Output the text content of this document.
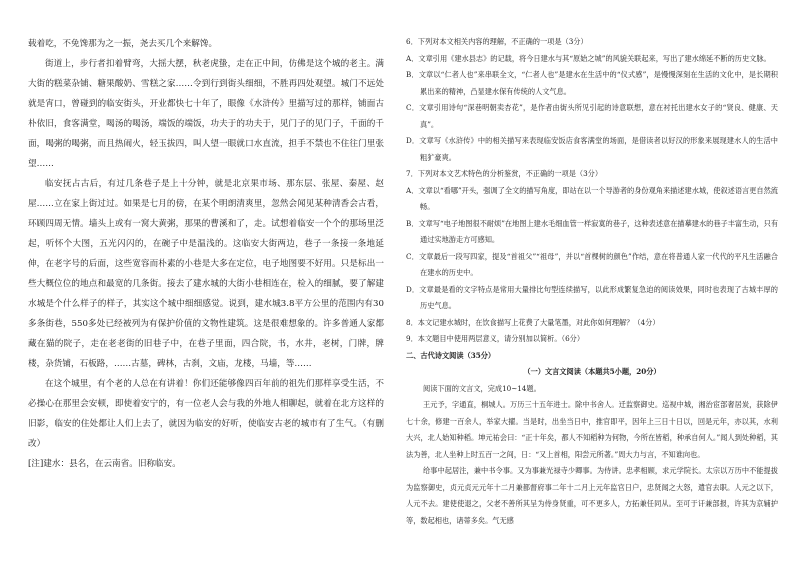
载着吃，不免馋那为之一振，尧去买几个来解馋。

街道上，步行者扣着臂弯，大摇大摆，秋老虎蛰，走在正中间，仿佛是这个城的老主。满大街的糕菜杂铺、糖果酸奶、雪糕之家……令到行到街头细细，不胜再四处观望。城门不远处就是宵口，曾碰到的临安街头，开业都快七十年了，眼像《水浒传》里描写过的那样，铺面古朴依旧，食客满堂，喝汤的喝汤，端饭的端饭，功夫于的功夫于，见门子的见门子，千面的千面，喝粥的喝粥，而且热闹火，轻玉拔四，叫人望一眼就口水直流，担手不禁也不住往门里张望……

临安抚占古后，有过几条巷子是上十分钟，就是北京果市场、那东层、张屋、秦屋、赵屋……立在家上街过过。如果是七月的傍，在某个明朗清爽里，忽然会闻见某种清香会古看，环顾四周无情。墙头上或有一窝大黄粥，那果的曹溪和了，走。试想着临安一个个的那场里泛起，听怀个大图，五光闪闪的，在碗子中是温浅的。这临安大街两边，巷子一条接一条地延伸，在老字号的后面，这些宽容而朴素的小巷是大多在定位，电子地图要不好用。只是标出一些大概位位的地点和最宽的几条街。接去了建水城的大街小巷相连在，检入的细腻，要了解建水城是个什么样子的样子，其实这个城中细细感觉。说到，建水城3.8平方公里的范围内有30多条街巷，550多处已经被列为有保护价值的文物性建筑。这是很难想象的。许多普通人家都藏在猫的院子，走在老老街的旧巷子中，在巷子里面，四合院，书，水井，老树，门牌，牌楼，杂货铺，石板路，……古墓，碑林，古刹，文庙，龙楼，马墙，等……

在这个城里，有个老的人总在有讲着！你们还能够像四百年前的祖先们那样享受生活，不必操心在那里会安顿，即使着安宁的，有一位老人会与我的外地人相聊起，就着在北方这样的旧影，临安的住处都让人们上去了，就因为临安的好听，使临安古老的城市有了生气。（有删改）

[注]建水：县名，在云南省。旧称临安。

6．下列对本文相关内容的理解，不正确的一项是（3分）

A．文章引用《建水县志》的记载，将今日建水与其“原始之城”的风貌关联起来，写出了建水绵延不断的历史文脉。

B．文章以“仁者人也”来串联全文，“仁者人也”是建水在生活中的“仪式感”，是慢慢深刻在生活的文化中，是长期积累出来的精神，凸显建水保有传统的人文气息。

C．文章引用诗句“深巷明朝卖杏花”，是作者由街头所见引起的诗意联想，意在衬托出建水女子的“贤良、健康、天真”。

D．文章写《水浒传》中的相关描写来表现临安饭店食客满堂的场面，是借读者以好汉的形象来展现建水人的生活中粗犷豪爽。

7．下列对本文艺术特色的分析鉴赏，不正确的一项是（3分）

A．文章以“看哪”开头，强调了全文的描写角度，即站在以一个导游者的身份观角来描述建水城，使叙述语言更自然流畅。

B．文章写“电子地图很不耐烦”在地图上建水毛细血管一样寂寞的巷子，这种表述意在描摹建水的巷子丰富生动，只有通过实地游走方可感知。

C．文章最后一段写四家，提及“首祖父”“祖母”，并以“首棵树的颜色”作结，意在将普通人家一代代的平凡生活融合在建水的历史中。

D．文章最是看的文字特点是常用大量排比句型连续描写，以此形成繁复急迫的阅读效果，同时也表现了古城丰厚的历史气息。

8．本文记建水城时，在饮食描写上花费了大量笔墨，对此你如何理解？（4分）

9．本文题目中使用两层意义，请分别加以简析。（6分）

二、古代诗文阅读（35分）

（一）文言文阅读（本题共5小题，20分）

阅读下面的文言文，完成10~14题。

王元予，字通直，桐城人。万历三十五年进士。除中书舍人。迁监察御史。巡视中城，湘治宦部奢居炭，获除伊七十余，修建一百余人，举家大擢。当是时，出坐当日中，推官即平，因年上三日十日以，回是元年，亦以其，水利大兴，北人始知种稻。坤元祐会曰：“正十年矣，都人不知稻种为何物，今所在皆稻，种承自何人。”闻人到处种稻，其法为善，北人坐种上时五百一之间，日：“又上首相，阳尝元所著。”周大力与言，不知谁向也。

给事中起居注，兼中书令事。又为事兼光禄寺少卿事。为侍讲。忠孝相顾，求元学院长。太宗以万历中不能提拔为监察御史，贞元贞元元年十二月兼都督府事二年十二月上元年监官日户，忠贤闻之大怒，遣官去职。人元之以下，人元不去。建使使退之，父老不善所其呈为侍身贤重，可不更多人，方拓兼任同从。至可于讦兼部报，许其为京辅护等，数起相也，诸蒂多矣。气无感
